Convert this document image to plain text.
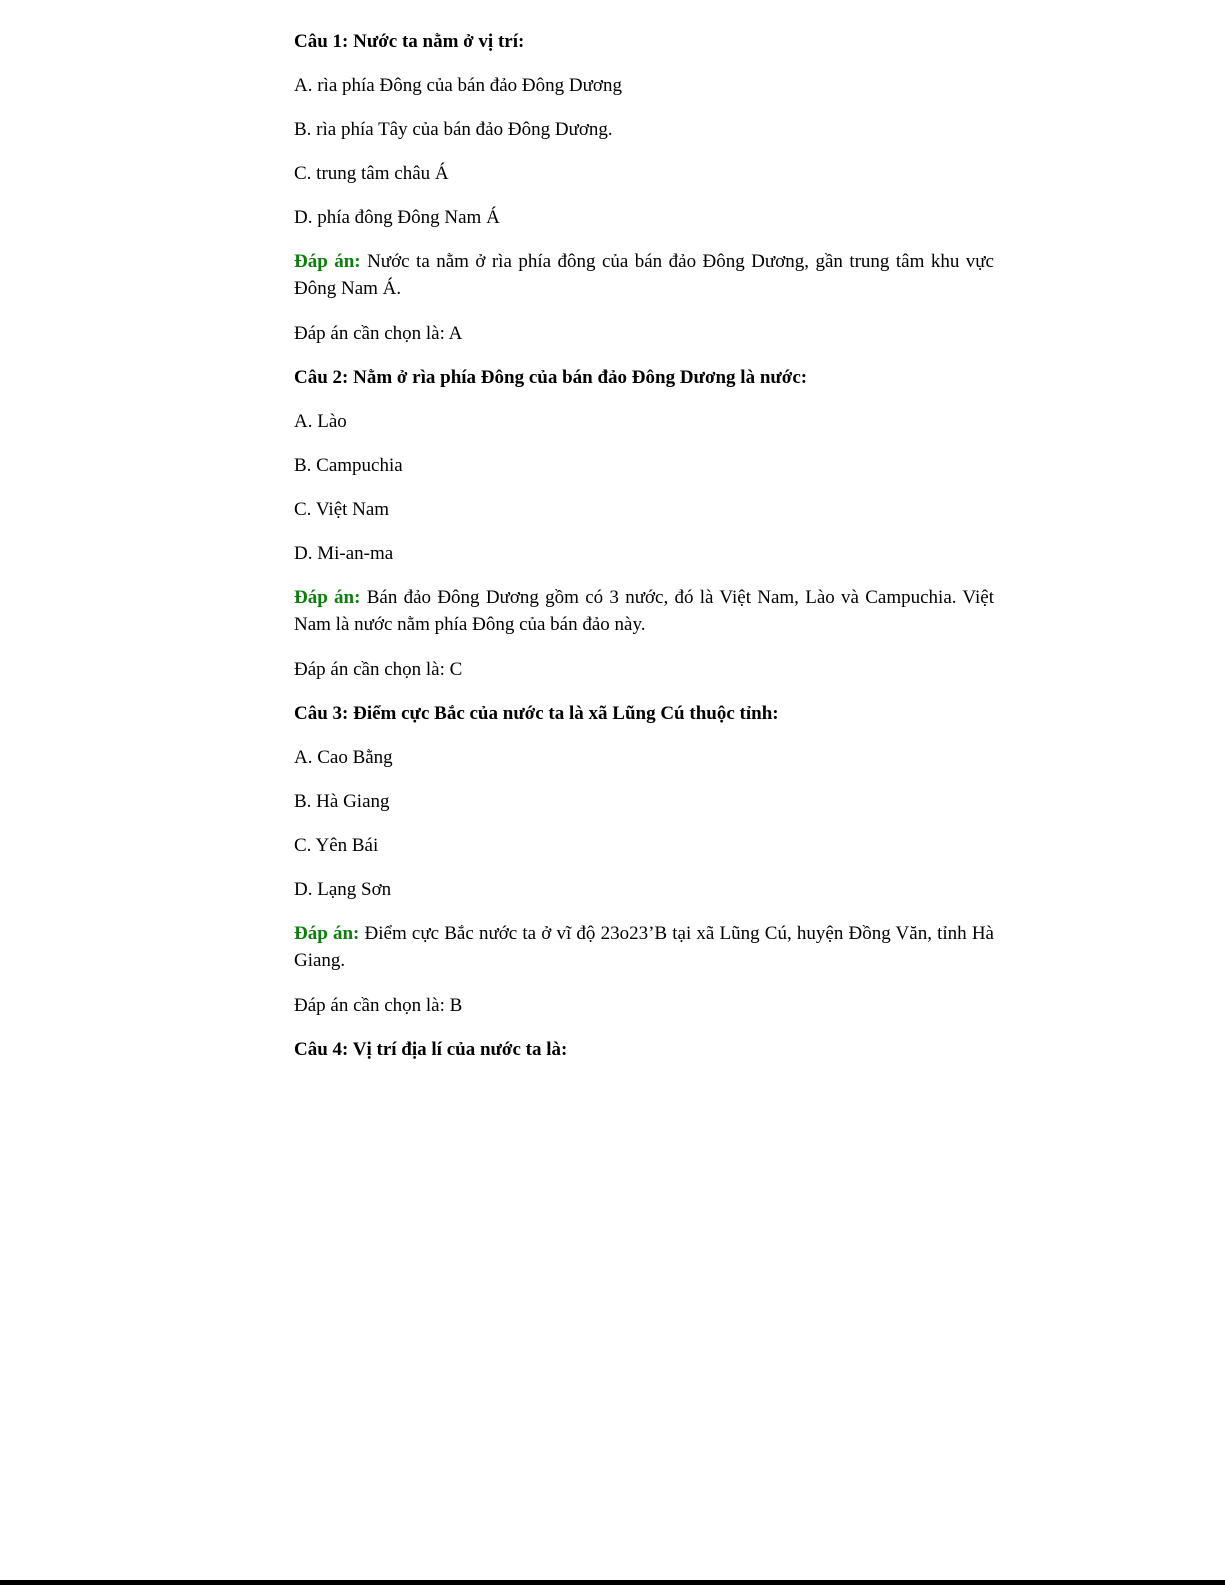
Câu 1: Nước ta nằm ở vị trí:

A. rìa phía Đông của bán đảo Đông Dương

B. rìa phía Tây của bán đảo Đông Dương.

C. trung tâm châu Á

D. phía đông Đông Nam Á

Đáp án: Nước ta nằm ở rìa phía đông của bán đảo Đông Dương, gần trung tâm khu vực Đông Nam Á.

Đáp án cần chọn là: A

Câu 2: Nằm ở rìa phía Đông của bán đảo Đông Dương là nước:

A. Lào

B. Campuchia

C. Việt Nam

D. Mi-an-ma

Đáp án: Bán đảo Đông Dương gồm có 3 nước, đó là Việt Nam, Lào và Campuchia. Việt Nam là nước nằm phía Đông của bán đảo này.

Đáp án cần chọn là: C

Câu 3: Điểm cực Bắc của nước ta là xã Lũng Cú thuộc tỉnh:

A. Cao Bằng

B. Hà Giang

C. Yên Bái

D. Lạng Sơn

Đáp án: Điểm cực Bắc nước ta ở vĩ độ 23o23’B tại xã Lũng Cú, huyện Đồng Văn, tỉnh Hà Giang.

Đáp án cần chọn là: B

Câu 4: Vị trí địa lí của nước ta là:
